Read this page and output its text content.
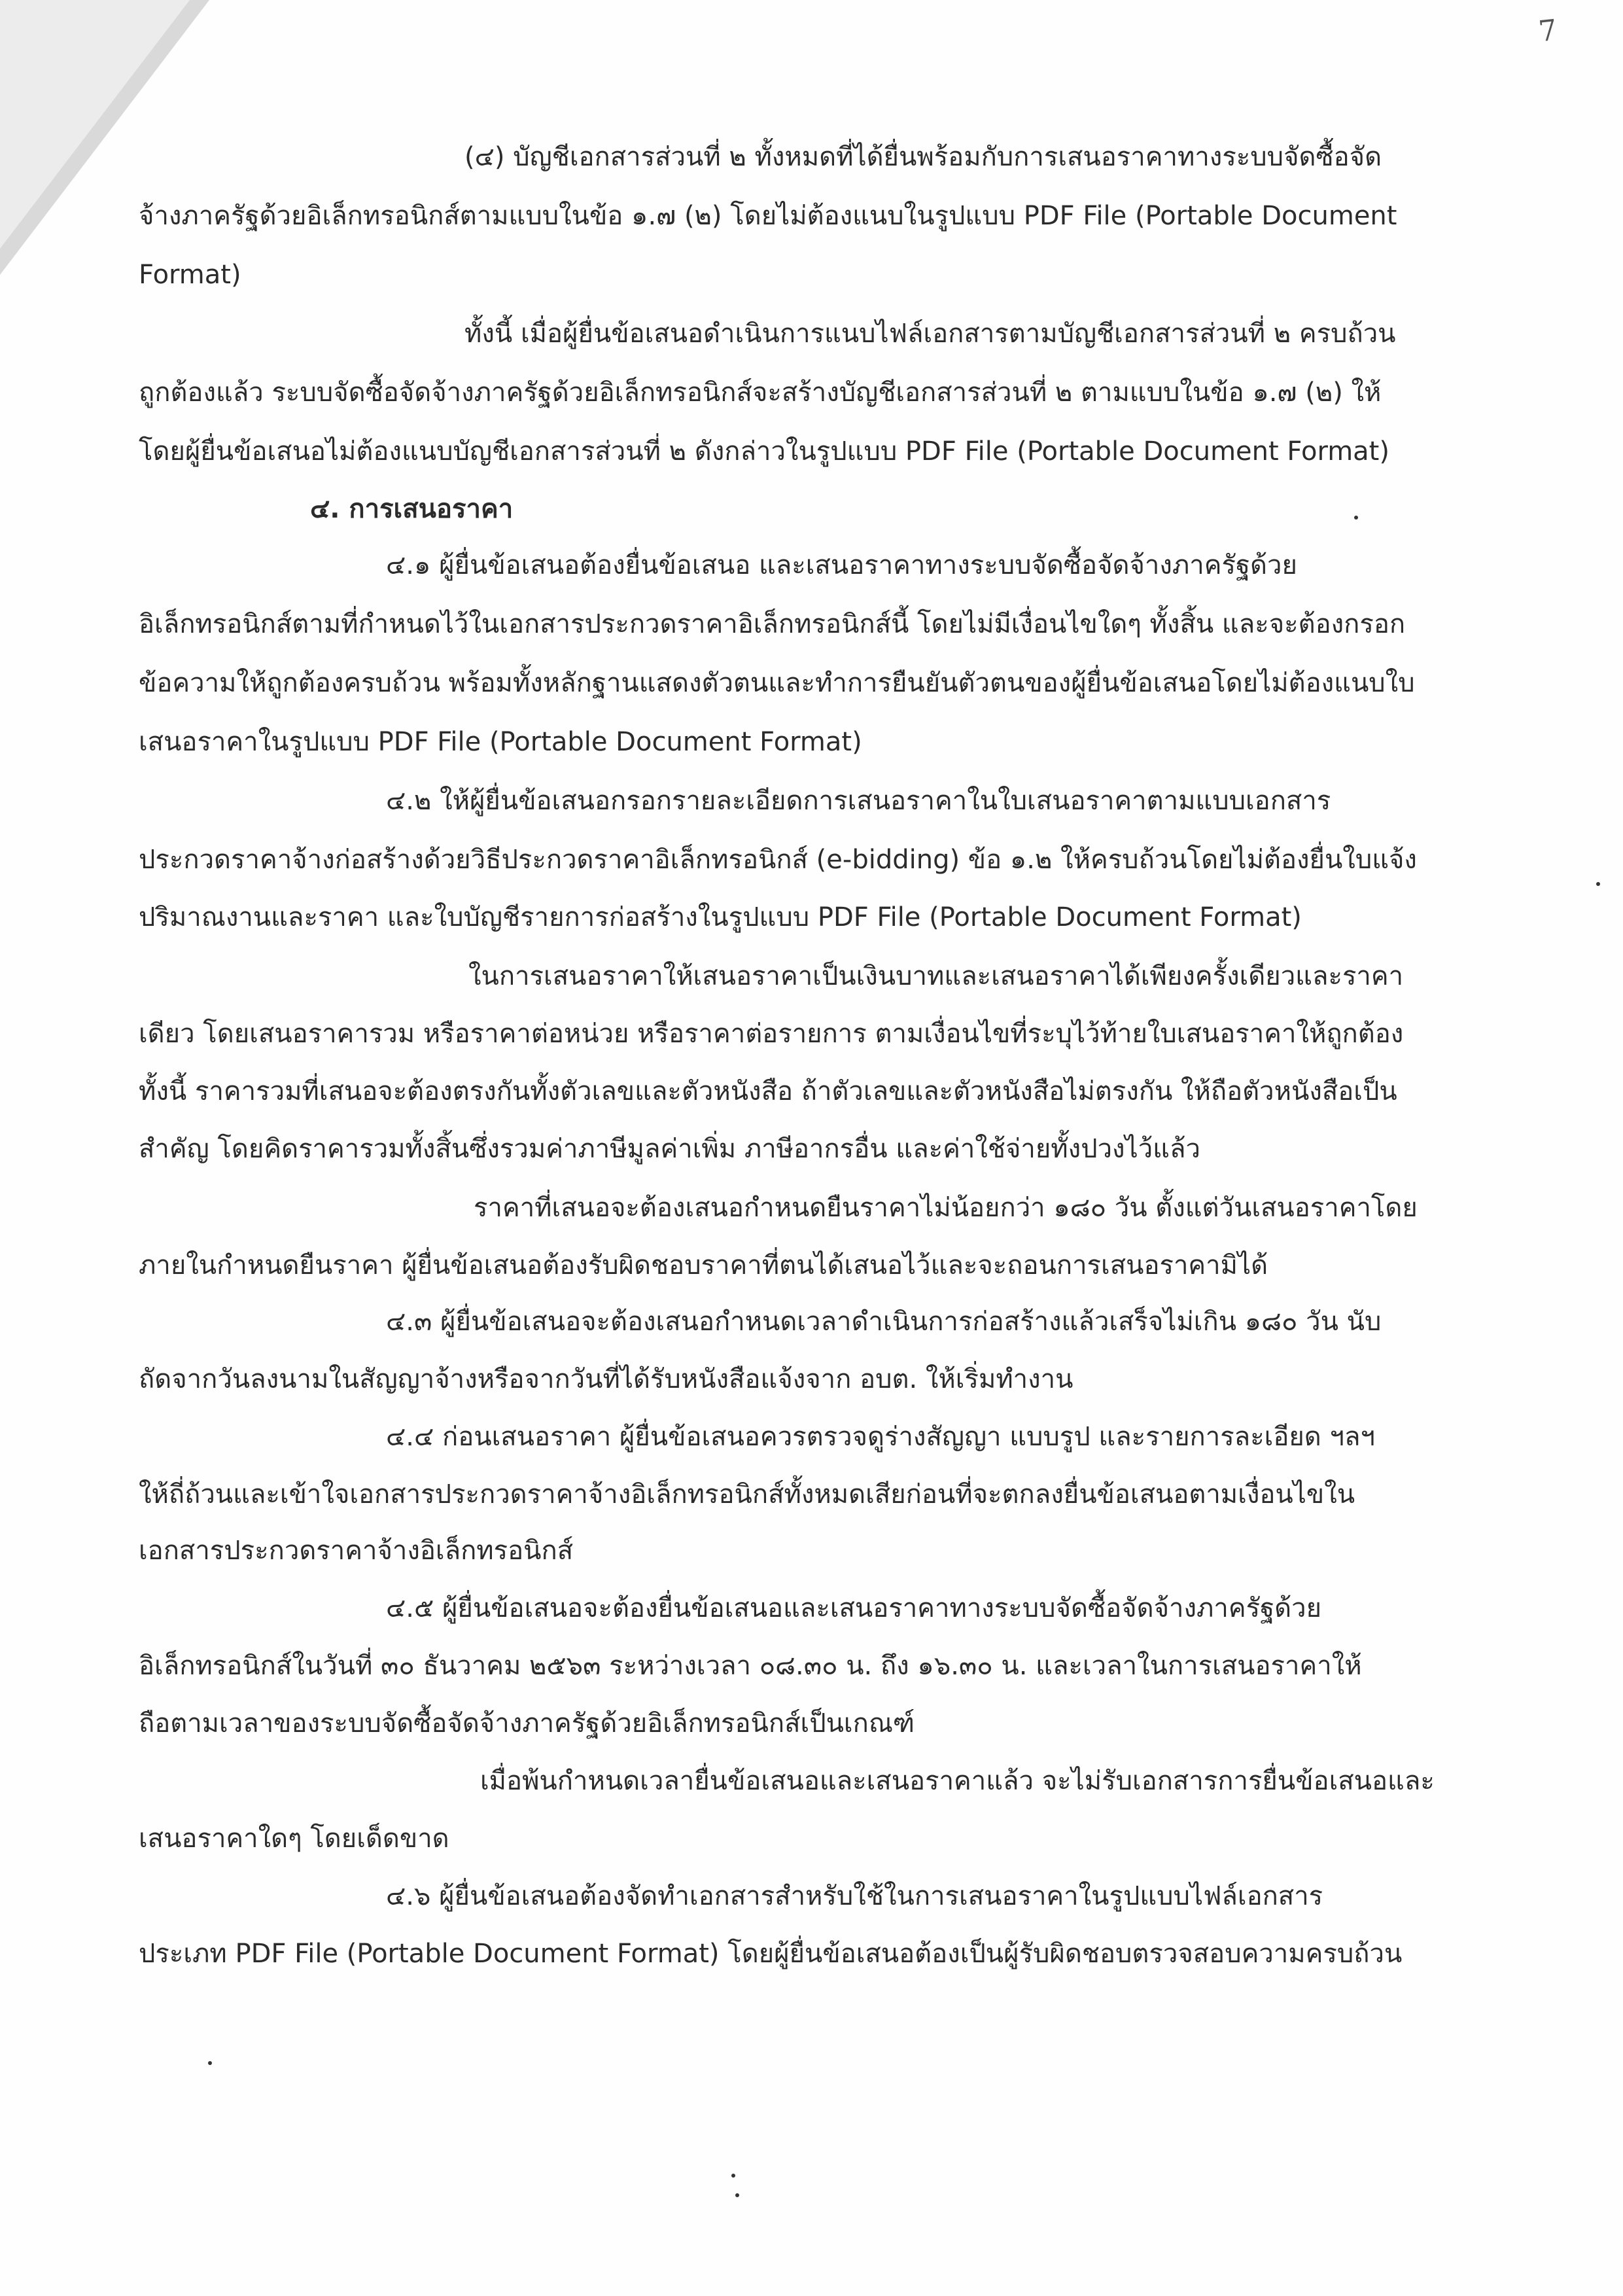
7
(๔) บัญชีเอกสารส่วนที่ ๒ ทั้งหมดที่ได้ยื่นพร้อมกับการเสนอราคาทางระบบจัดซื้อจัด
จ้างภาครัฐด้วยอิเล็กทรอนิกส์ตามแบบในข้อ ๑.๗ (๒) โดยไม่ต้องแนบในรูปแบบ PDF File (Portable Document
Format)
ทั้งนี้ เมื่อผู้ยื่นข้อเสนอดำเนินการแนบไฟล์เอกสารตามบัญชีเอกสารส่วนที่ ๒ ครบถ้วน
ถูกต้องแล้ว ระบบจัดซื้อจัดจ้างภาครัฐด้วยอิเล็กทรอนิกส์จะสร้างบัญชีเอกสารส่วนที่ ๒ ตามแบบในข้อ ๑.๗ (๒) ให้
โดยผู้ยื่นข้อเสนอไม่ต้องแนบบัญชีเอกสารส่วนที่ ๒ ดังกล่าวในรูปแบบ PDF File (Portable Document Format)
๔. การเสนอราคา
๔.๑ ผู้ยื่นข้อเสนอต้องยื่นข้อเสนอ และเสนอราคาทางระบบจัดซื้อจัดจ้างภาครัฐด้วย
อิเล็กทรอนิกส์ตามที่กำหนดไว้ในเอกสารประกวดราคาอิเล็กทรอนิกส์นี้ โดยไม่มีเงื่อนไขใดๆ ทั้งสิ้น และจะต้องกรอก
ข้อความให้ถูกต้องครบถ้วน พร้อมทั้งหลักฐานแสดงตัวตนและทำการยืนยันตัวตนของผู้ยื่นข้อเสนอโดยไม่ต้องแนบใบ
เสนอราคาในรูปแบบ PDF File (Portable Document Format)
๔.๒ ให้ผู้ยื่นข้อเสนอกรอกรายละเอียดการเสนอราคาในใบเสนอราคาตามแบบเอกสาร
ประกวดราคาจ้างก่อสร้างด้วยวิธีประกวดราคาอิเล็กทรอนิกส์ (e-bidding) ข้อ ๑.๒ ให้ครบถ้วนโดยไม่ต้องยื่นใบแจ้ง
ปริมาณงานและราคา และใบบัญชีรายการก่อสร้างในรูปแบบ PDF File (Portable Document Format)
ในการเสนอราคาให้เสนอราคาเป็นเงินบาทและเสนอราคาได้เพียงครั้งเดียวและราคา
เดียว โดยเสนอราคารวม หรือราคาต่อหน่วย หรือราคาต่อรายการ ตามเงื่อนไขที่ระบุไว้ท้ายใบเสนอราคาให้ถูกต้อง
ทั้งนี้ ราคารวมที่เสนอจะต้องตรงกันทั้งตัวเลขและตัวหนังสือ ถ้าตัวเลขและตัวหนังสือไม่ตรงกัน ให้ถือตัวหนังสือเป็น
สำคัญ โดยคิดราคารวมทั้งสิ้นซึ่งรวมค่าภาษีมูลค่าเพิ่ม ภาษีอากรอื่น และค่าใช้จ่ายทั้งปวงไว้แล้ว
ราคาที่เสนอจะต้องเสนอกำหนดยืนราคาไม่น้อยกว่า ๑๘๐ วัน ตั้งแต่วันเสนอราคาโดย
ภายในกำหนดยืนราคา ผู้ยื่นข้อเสนอต้องรับผิดชอบราคาที่ตนได้เสนอไว้และจะถอนการเสนอราคามิได้
๔.๓ ผู้ยื่นข้อเสนอจะต้องเสนอกำหนดเวลาดำเนินการก่อสร้างแล้วเสร็จไม่เกิน ๑๘๐ วัน นับ
ถัดจากวันลงนามในสัญญาจ้างหรือจากวันที่ได้รับหนังสือแจ้งจาก อบต. ให้เริ่มทำงาน
๔.๔ ก่อนเสนอราคา ผู้ยื่นข้อเสนอควรตรวจดูร่างสัญญา แบบรูป และรายการละเอียด ฯลฯ
ให้ถี่ถ้วนและเข้าใจเอกสารประกวดราคาจ้างอิเล็กทรอนิกส์ทั้งหมดเสียก่อนที่จะตกลงยื่นข้อเสนอตามเงื่อนไขใน
เอกสารประกวดราคาจ้างอิเล็กทรอนิกส์
๔.๕ ผู้ยื่นข้อเสนอจะต้องยื่นข้อเสนอและเสนอราคาทางระบบจัดซื้อจัดจ้างภาครัฐด้วย
อิเล็กทรอนิกส์ในวันที่ ๓๐ ธันวาคม ๒๕๖๓ ระหว่างเวลา ๐๘.๓๐ น. ถึง ๑๖.๓๐ น. และเวลาในการเสนอราคาให้
ถือตามเวลาของระบบจัดซื้อจัดจ้างภาครัฐด้วยอิเล็กทรอนิกส์เป็นเกณฑ์
เมื่อพ้นกำหนดเวลายื่นข้อเสนอและเสนอราคาแล้ว จะไม่รับเอกสารการยื่นข้อเสนอและ
เสนอราคาใดๆ โดยเด็ดขาด
๔.๖ ผู้ยื่นข้อเสนอต้องจัดทำเอกสารสำหรับใช้ในการเสนอราคาในรูปแบบไฟล์เอกสาร
ประเภท PDF File (Portable Document Format) โดยผู้ยื่นข้อเสนอต้องเป็นผู้รับผิดชอบตรวจสอบความครบถ้วน
